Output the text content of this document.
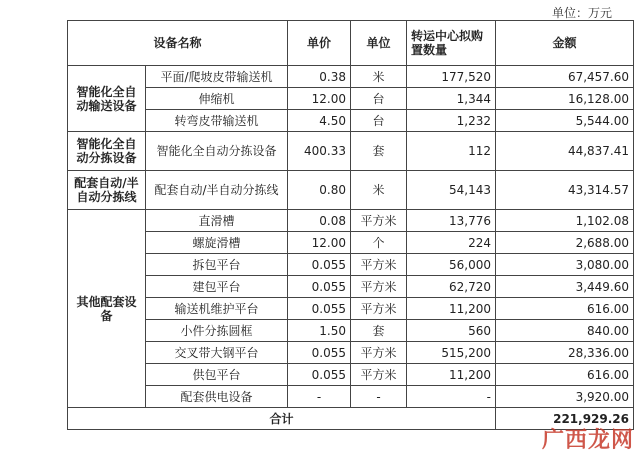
单位：万元
设备名称		单价	单位	转运中心拟购置数量	金额
智能化全自动输送设备	平面/爬坡皮带输送机	0.38	米	177,520	67,457.60
	伸缩机	12.00	台	1,344	16,128.00
	转弯皮带输送机	4.50	台	1,232	5,544.00
智能化全自动分拣设备	智能化全自动分拣设备	400.33	套	112	44,837.41
配套自动/半自动分拣线	配套自动/半自动分拣线	0.80	米	54,143	43,314.57
其他配套设备	直滑槽	0.08	平方米	13,776	1,102.08
	螺旋滑槽	12.00	个	224	2,688.00
	拆包平台	0.055	平方米	56,000	3,080.00
	建包平台	0.055	平方米	62,720	3,449.60
	输送机维护平台	0.055	平方米	11,200	616.00
	小件分拣圆框	1.50	套	560	840.00
	交叉带大钢平台	0.055	平方米	515,200	28,336.00
	供包平台	0.055	平方米	11,200	616.00
	配套供电设备	-	-	-	3,920.00
合计					221,929.26
广西龙网
